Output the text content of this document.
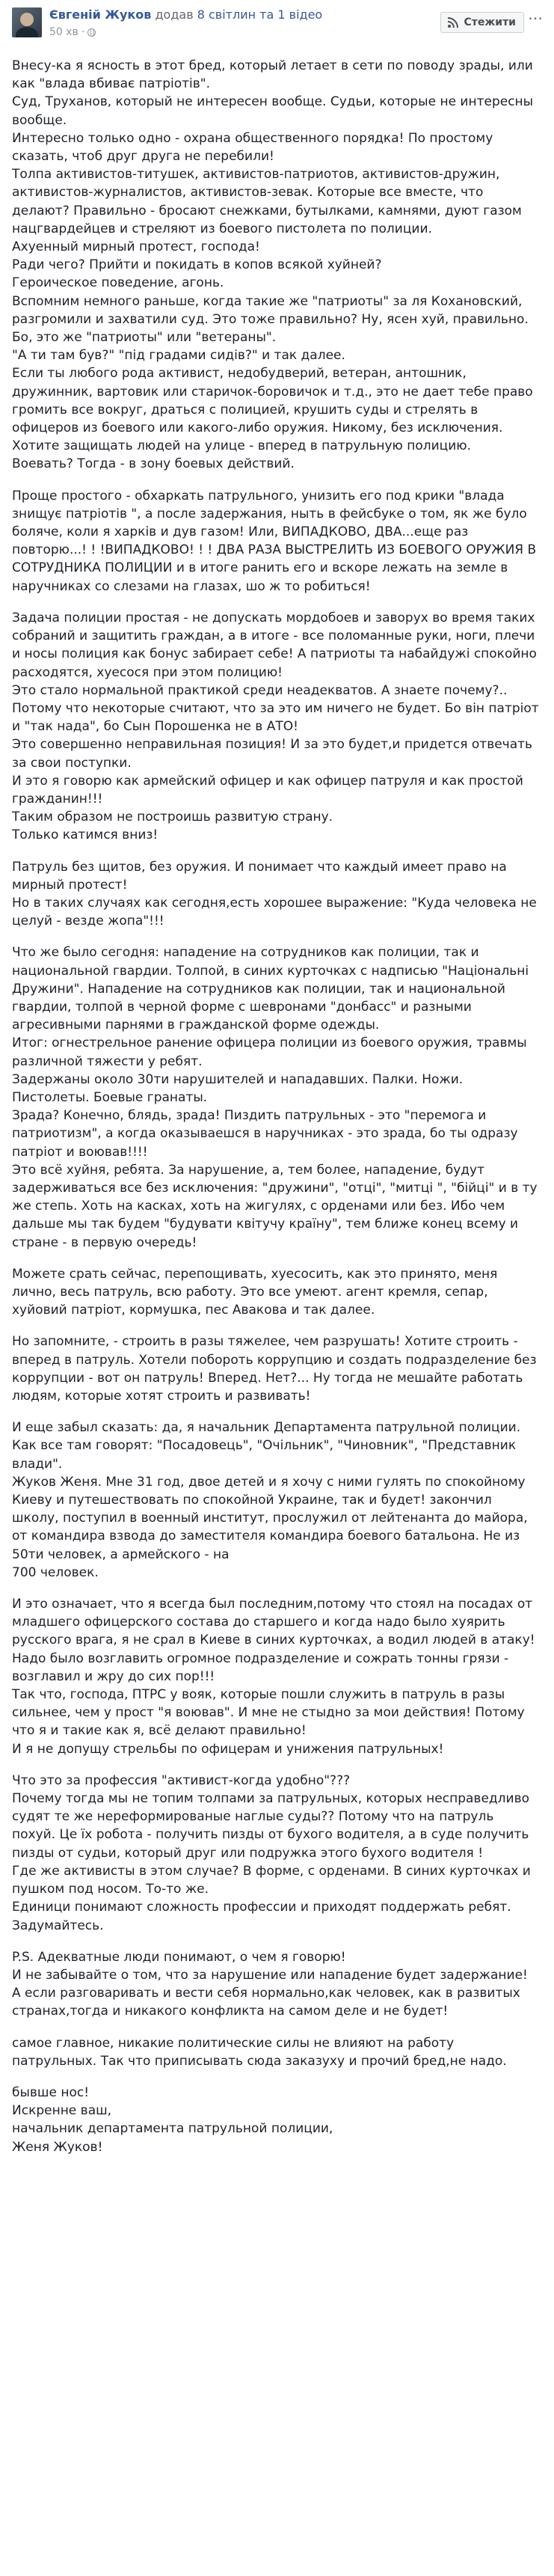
Євгеній Жуков додав 8 світлин та 1 відео
50 хв ·
Стежити ⋯

Внесу-ка я ясность в этот бред, который летает в сети по поводу зрады, или как "влада вбиває патріотів".
Суд, Труханов, который не интересен вообще. Судьи, которые не интересны вообще.
Интересно только одно - охрана общественного порядка! По простому сказать, чтоб друг друга не перебили!
Толпа активистов-титушек, активистов-патриотов, активистов-дружин, активистов-журналистов, активистов-зевак. Которые все вместе, что делают? Правильно - бросают снежками, бутылками, камнями, дуют газом нацгвардейцев и стреляют из боевого пистолета по полиции.
Ахуенный мирный протест, господа!
Ради чего? Прийти и покидать в копов всякой хуйней?
Героическое поведение, агонь.
Вспомним немного раньше, когда такие же "патриоты" за ля Кохановский, разгромили и захватили суд. Это тоже правильно? Ну, ясен хуй, правильно.
Бо, это же "патриоты" или "ветераны".
"А ти там був?" "під градами сидів?" и так далее.
Если ты любого рода активист, недобудверий, ветеран, антошник, дружинник, вартовик или старичок-боровичок и т.д., это не дает тебе право громить все вокруг, драться с полицией, крушить суды и стрелять в офицеров из боевого или какого-либо оружия. Никому, без исключения.
Хотите защищать людей на улице - вперед в патрульную полицию.
Воевать? Тогда - в зону боевых действий.

Проще простого - обхаркать патрульного, унизить его под крики "влада знищує патріотів ", а после задержания, ныть в фейсбуке о том, як же було боляче, коли я харків и дув газом! Или, ВИПАДКОВО, ДВА...еще раз повторю...! ! !ВИПАДКОВО! ! ! ДВА РАЗА ВЫСТРЕЛИТЬ ИЗ БОЕВОГО ОРУЖИЯ В СОТРУДНИКА ПОЛИЦИИ и в итоге ранить его и вскоре лежать на земле в наручниках со слезами на глазах, шо ж то робиться!

Задача полиции простая - не допускать мордобоев и заворух во время таких собраний и защитить граждан, а в итоге - все поломанные руки, ноги, плечи и носы полиция как бонус забирает себе! А патриоты та набайдужі спокойно расходятся, хуесося при этом полицию!
Это стало нормальной практикой среди неадекватов. А знаете почему?.. Потому что некоторые считают, что за это им ничего не будет. Бо він патріот и "так нада", бо Сын Порошенка не в АТО!
Это совершенно неправильная позиция! И за это будет,и придется отвечать за свои поступки.
И это я говорю как армейский офицер и как офицер патруля и как простой гражданин!!!
Таким образом не построишь развитую страну.
Только катимся вниз!

Патруль без щитов, без оружия. И понимает что каждый имеет право на мирный протест!
Но в таких случаях как сегодня,есть хорошее выражение: "Куда человека не целуй - везде жопа"!!!

Что же было сегодня: нападение на сотрудников как полиции, так и национальной гвардии. Толпой, в синих курточках с надписью "Національні Дружини". Нападение на сотрудников как полиции, так и национальной гвардии, толпой в черной форме с шевронами "донбасс" и разными агресивными парнями в гражданской форме одежды.
Итог: огнестрельное ранение офицера полиции из боевого оружия, травмы различной тяжести у ребят.
Задержаны около 30ти нарушителей и нападавших. Палки. Ножи. Пистолеты. Боевые гранаты.
Зрада? Конечно, блядь, зрада! Пиздить патрульных - это "перемога и патриотизм", а когда оказываешся в наручниках - это зрада, бо ты одразу патріот и воював!!!!
Это всё хуйня, ребята. За нарушение, а, тем более, нападение, будут задерживаться все без исключения: "дружини", "отці", "митці ", "бійці" и в ту же степь. Хоть на касках, хоть на жигулях, с орденами или без. Ибо чем дальше мы так будем "будувати квітучу країну", тем ближе конец всему и стране - в первую очередь!

Можете срать сейчас, перепощивать, хуесосить, как это принято, меня лично, весь патруль, всю работу. Это все умеют. агент кремля, сепар, хуйовий патріот, кормушка, пес Авакова и так далее.

Но запомните, - строить в разы тяжелее, чем разрушать! Хотите строить - вперед в патруль. Хотели побороть коррупцию и создать подразделение без коррупции - вот он патруль! Вперед. Нет?... Ну тогда не мешайте работать людям, которые хотят строить и развивать!

И еще забыл сказать: да, я начальник Департамента патрульной полиции. Как все там говорят: "Посадовець", "Очільник", "Чиновник", "Представник влади".
Жуков Женя. Мне 31 год, двое детей и я хочу с ними гулять по спокойному Киеву и путешествовать по спокойной Украине, так и будет! закончил школу, поступил в военный институт, прослужил от лейтенанта до майора, от командира взвода до заместителя командира боевого батальона. Не из 50ти человек, а армейского - на
700 человек.

И это означает, что я всегда был последним,потому что стоял на посадах от младшего офицерского состава до старшего и когда надо было хуярить русского врага, я не срал в Киеве в синих курточках, а водил людей в атаку! Надо было возглавить огромное подразделение и сожрать тонны грязи - возглавил и жру до сих пор!!!
Так что, господа, ПТРС у вояк, которые пошли служить в патруль в разы сильнее, чем у прост "я воював". И мне не стыдно за мои действия! Потому что я и такие как я, всё делают правильно!
И я не допущу стрельбы по офицерам и унижения патрульных!

Что это за профессия "активист-когда удобно"???
Почему тогда мы не топим толпами за патрульных, которых несправедливо судят те же нереформированые наглые суды?? Потому что на патруль похуй. Це їх робота - получить пизды от бухого водителя, а в суде получить пизды от судьи, который друг или подружка этого бухого водителя !
Где же активисты в этом случае? В форме, с орденами. В синих курточках и пушком под носом. То-то же.
Единици понимают сложность профессии и приходят поддержать ребят. Задумайтесь.

P.S. Адекватные люди понимают, о чем я говорю!
И не забывайте о том, что за нарушение или нападение будет задержание! А если разговаривать и вести себя нормально,как человек, как в развитых странах,тогда и никакого конфликта на самом деле и не будет!

самое главное, никакие политические силы не влияют на работу патрульных. Так что приписывать сюда заказуху и прочий бред,не надо.

бывше нос!
Искренне ваш,
начальник департамента патрульной полиции,
Женя Жуков!
